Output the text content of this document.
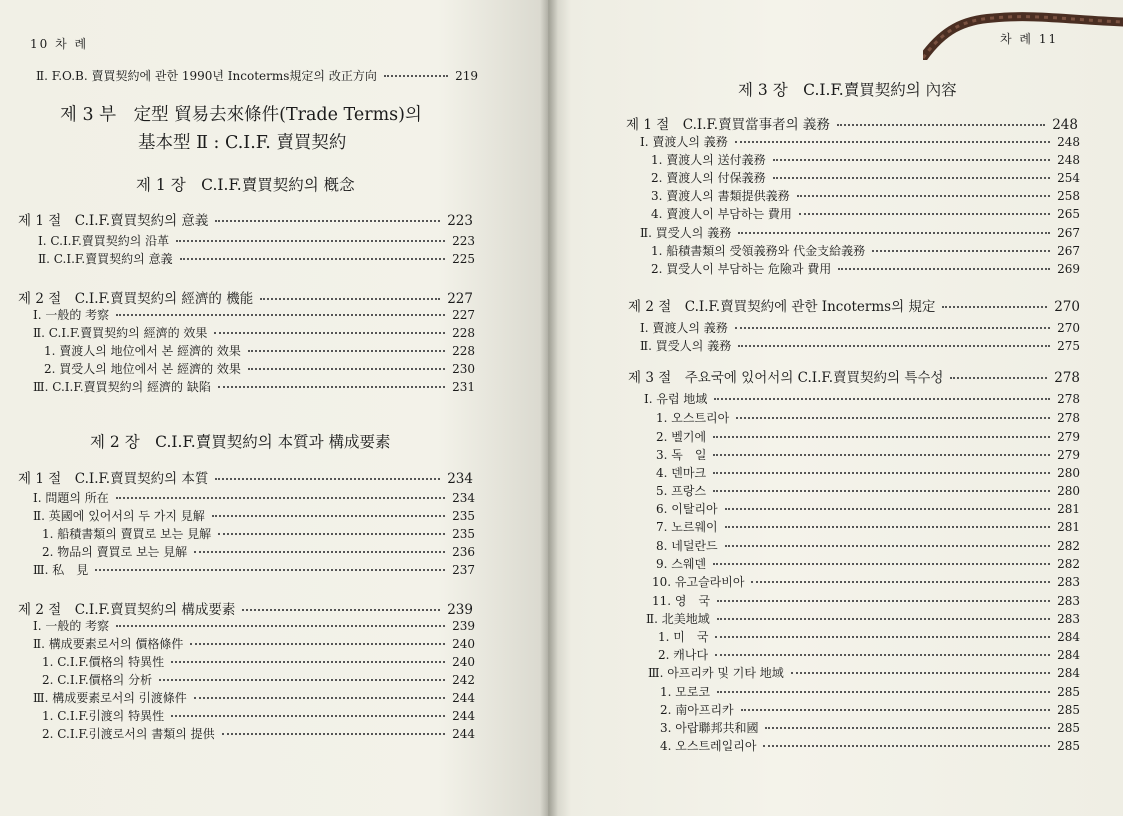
10 차 례
Ⅱ. F.O.B. 賣買契約에 관한 1990년 Incoterms規定의 改正方向	219
제 3 부　定型 貿易去來條件(Trade Terms)의
基本型 Ⅱ : C.I.F. 賣買契約
제 1 장　C.I.F.賣買契約의 槪念
제 1 절　C.I.F.賣買契約의 意義	223
Ⅰ. C.I.F.賣買契約의 沿革	223
Ⅱ. C.I.F.賣買契約의 意義	225
제 2 절　C.I.F.賣買契約의 經濟的 機能	227
Ⅰ. 一般的 考察	227
Ⅱ. C.I.F.賣買契約의 經濟的 效果	228
1. 賣渡人의 地位에서 본 經濟的 效果	228
2. 買受人의 地位에서 본 經濟的 效果	230
Ⅲ. C.I.F.賣買契約의 經濟的 缺陷	231
제 2 장　C.I.F.賣買契約의 本質과 構成要素
제 1 절　C.I.F.賣買契約의 本質	234
Ⅰ. 問題의 所在	234
Ⅱ. 英國에 있어서의 두 가지 見解	235
1. 船積書類의 賣買로 보는 見解	235
2. 物品의 賣買로 보는 見解	236
Ⅲ. 私　見	237
제 2 절　C.I.F.賣買契約의 構成要素	239
Ⅰ. 一般的 考察	239
Ⅱ. 構成要素로서의 價格條件	240
1. C.I.F.價格의 特異性	240
2. C.I.F.價格의 分析	242
Ⅲ. 構成要素로서의 引渡條件	244
1. C.I.F.引渡의 特異性	244
2. C.I.F.引渡로서의 書類의 提供	244
차 례 11
제 3 장　C.I.F.賣買契約의 內容
제 1 절　C.I.F.賣買當事者의 義務	248
Ⅰ. 賣渡人의 義務	248
1. 賣渡人의 送付義務	248
2. 賣渡人의 付保義務	254
3. 賣渡人의 書類提供義務	258
4. 賣渡人이 부담하는 費用	265
Ⅱ. 買受人의 義務	267
1. 船積書類의 受領義務와 代金支給義務	267
2. 買受人이 부담하는 危險과 費用	269
제 2 절　C.I.F.賣買契約에 관한 Incoterms의 規定	270
Ⅰ. 賣渡人의 義務	270
Ⅱ. 買受人의 義務	275
제 3 절　주요국에 있어서의 C.I.F.賣買契約의 특수성	278
Ⅰ. 유럽 地域	278
1. 오스트리아	278
2. 벨기에	279
3. 독　일	279
4. 덴마크	280
5. 프랑스	280
6. 이탈리아	281
7. 노르웨이	281
8. 네덜란드	282
9. 스웨덴	282
10. 유고슬라비아	283
11. 영　국	283
Ⅱ. 北美地域	283
1. 미　국	284
2. 캐나다	284
Ⅲ. 아프리카 및 기타 地域	284
1. 모로코	285
2. 南아프리카	285
3. 아랍聯邦共和國	285
4. 오스트레일리아	285
